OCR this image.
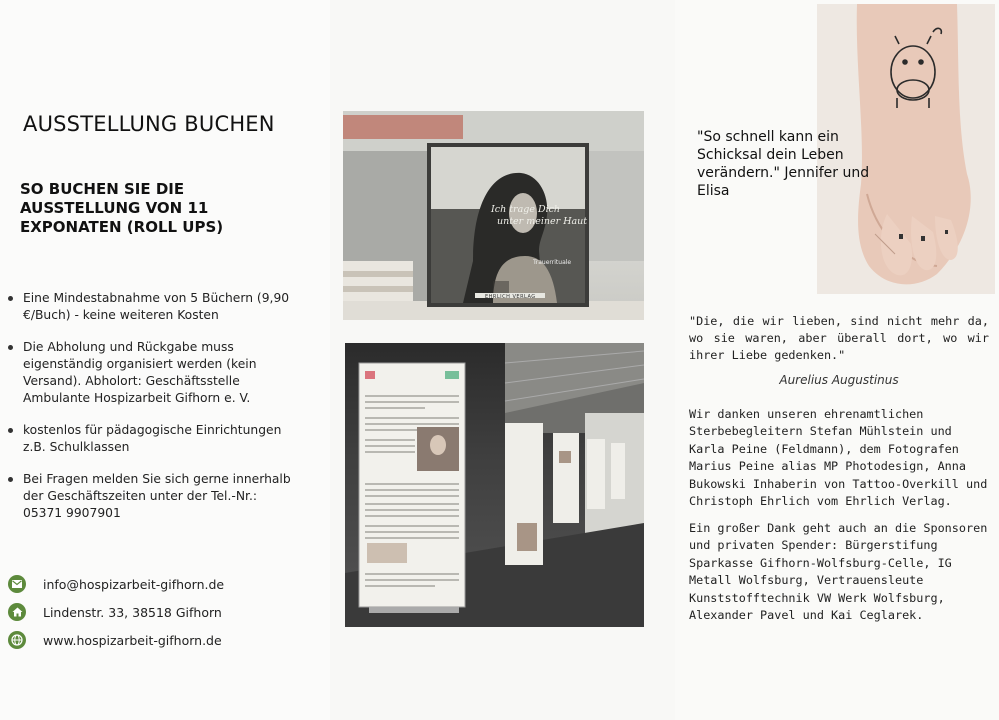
AUSSTELLUNG BUCHEN
SO BUCHEN SIE DIE AUSSTELLUNG VON 11 EXPONATEN (ROLL UPS)
Eine Mindestabnahme von 5 Büchern (9,90 €/Buch) - keine weiteren Kosten
Die Abholung und Rückgabe muss eigenständig organisiert werden (kein Versand). Abholort: Geschäftsstelle Ambulante Hospizarbeit Gifhorn e. V.
kostenlos für pädagogische Einrichtungen z.B. Schulklassen
Bei Fragen melden Sie sich gerne innerhalb der Geschäftszeiten unter der Tel.-Nr.: 05371 9907901
info@hospizarbeit-gifhorn.de
Lindenstr. 33, 38518 Gifhorn
www.hospizarbeit-gifhorn.de
Ich trage Dich
unter meiner Haut
Trauerrituale
EHRLICH VERLAG

"So schnell kann ein Schicksal dein Leben verändern." Jennifer und Elisa

"Die, die wir lieben, sind nicht mehr da, wo sie waren, aber überall dort, wo wir ihrer Liebe gedenken."

Aurelius Augustinus

Wir danken unseren ehrenamtlichen Sterbebegleitern Stefan Mühlstein und Karla Peine (Feldmann), dem Fotografen Marius Peine alias MP Photodesign, Anna Bukowski Inhaberin von Tattoo-Overkill und Christoph Ehrlich vom Ehrlich Verlag.

Ein großer Dank geht auch an die Sponsoren und privaten Spender: Bürgerstifung Sparkasse Gifhorn-Wolfsburg-Celle, IG Metall Wolfsburg, Vertrauensleute Kunststofftechnik VW Werk Wolfsburg, Alexander Pavel und Kai Ceglarek.
